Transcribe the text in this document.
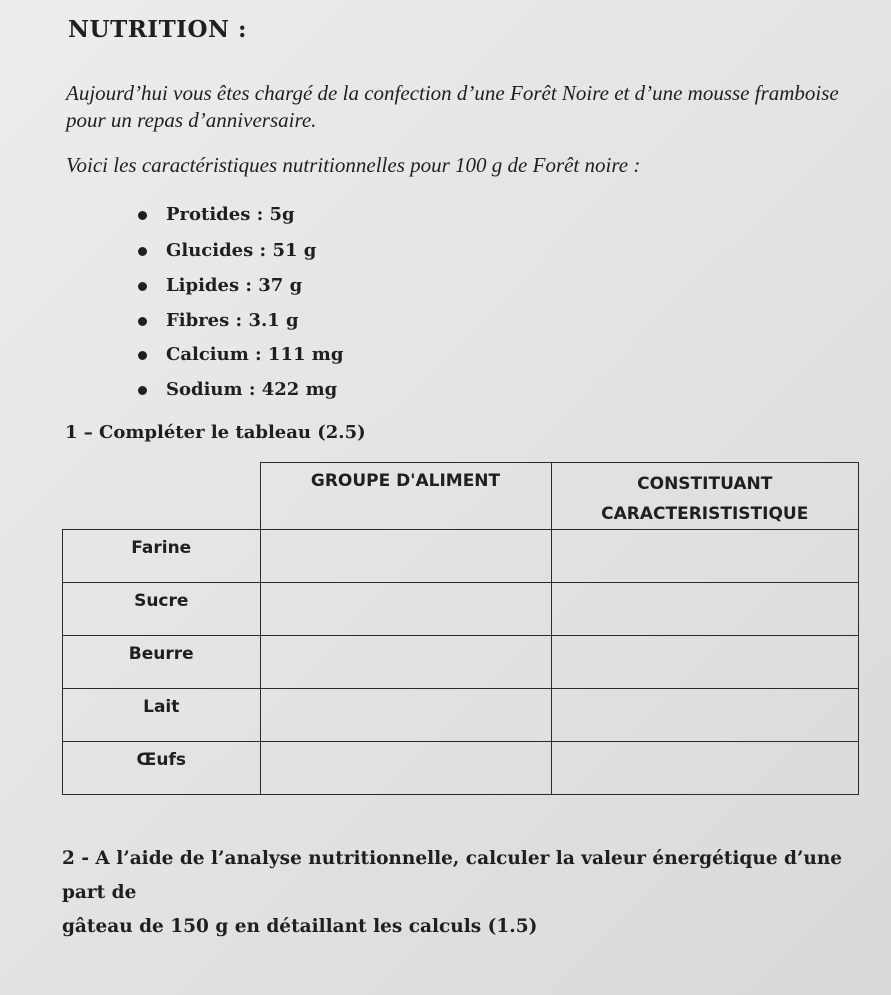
NUTRITION :
Aujourd’hui vous êtes chargé de la confection d’une Forêt Noire et d’une mousse framboise
pour un repas d’anniversaire.
Voici les caractéristiques nutritionnelles pour 100 g de Forêt noire :
Protides : 5g
Glucides : 51 g
Lipides : 37 g
Fibres : 3.1 g
Calcium : 111 mg
Sodium : 422 mg
1 – Compléter le tableau (2.5)
	GROUPE D'ALIMENT	CONSTITUANT
CARACTERISTISTIQUE

Farine		
Sucre		
Beurre		
Lait		
Œufs		
2 - A l’aide de l’analyse nutritionnelle, calculer la valeur énergétique d’une part de
gâteau de 150 g en détaillant les calculs (1.5)
